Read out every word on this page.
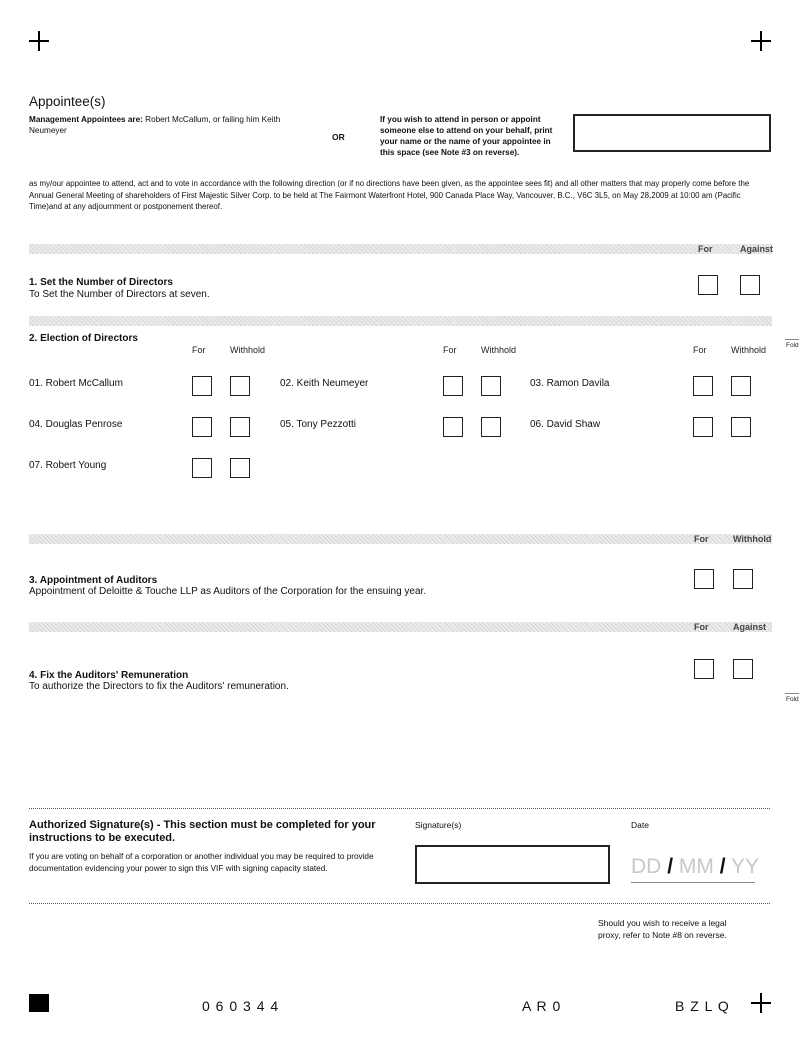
Appointee(s)
Management Appointees are: Robert McCallum, or failing him Keith Neumeyer
OR
If you wish to attend in person or appoint someone else to attend on your behalf, print your name or the name of your appointee in this space (see Note #3 on reverse).
as my/our appointee to attend, act and to vote in accordance with the following direction (or if no directions have been given, as the appointee sees fit) and all other matters that may properly come before the Annual General Meeting of shareholders of First Majestic Silver Corp. to be held at The Fairmont Waterfront Hotel, 900 Canada Place Way, Vancouver, B.C., V6C 3L5, on May 28,2009 at 10:00 am (Pacific Time)and at any adjournment or postponement thereof.
For	Against
1. Set the Number of Directors
To Set the Number of Directors at seven.
2. Election of Directors
For	Withhold	For	Withhold	For	Withhold
01. Robert McCallum	02. Keith Neumeyer	03. Ramon Davila
04. Douglas Penrose	05. Tony Pezzotti	06. David Shaw
07. Robert Young
For	Withhold
3. Appointment of Auditors
Appointment of Deloitte & Touche LLP as Auditors of the Corporation for the ensuing year.
For	Against
4. Fix the Auditors' Remuneration
To authorize the Directors to fix the Auditors' remuneration.
Fold
Fold
Authorized Signature(s) - This section must be completed for your instructions to be executed.
If you are voting on behalf of a corporation or another individual you may be required to provide documentation evidencing your power to sign this VIF with signing capacity stated.
Signature(s)	Date
DD / MM / YY
Should you wish to receive a legal proxy, refer to Note #8 on reverse.
0 6 0 3 4 4	A R 0	B Z L Q
